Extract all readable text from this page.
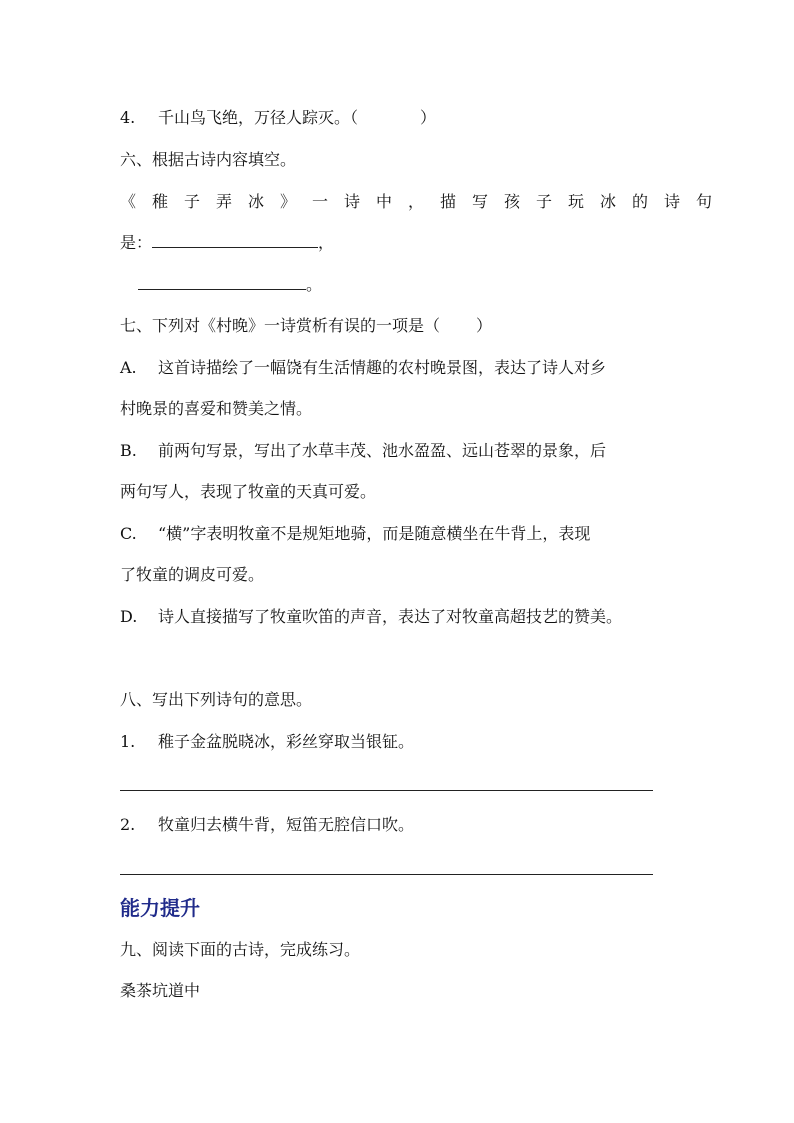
4. 千山鸟飞绝，万径人踪灭。（	）
六、根据古诗内容填空。
《稚子弄冰》一诗中，描写孩子玩冰的诗句
是：	，
。
七、下列对《村晚》一诗赏析有误的一项是（ ）
A. 这首诗描绘了一幅饶有生活情趣的农村晚景图，表达了诗人对乡
村晚景的喜爱和赞美之情。
B. 前两句写景，写出了水草丰茂、池水盈盈、远山苍翠的景象，后
两句写人，表现了牧童的天真可爱。
C. “横”字表明牧童不是规矩地骑，而是随意横坐在牛背上，表现
了牧童的调皮可爱。
D. 诗人直接描写了牧童吹笛的声音，表达了对牧童高超技艺的赞美。
八、写出下列诗句的意思。
1. 稚子金盆脱晓冰，彩丝穿取当银钲。
2. 牧童归去横牛背，短笛无腔信口吹。
能力提升
九、阅读下面的古诗，完成练习。
桑茶坑道中
